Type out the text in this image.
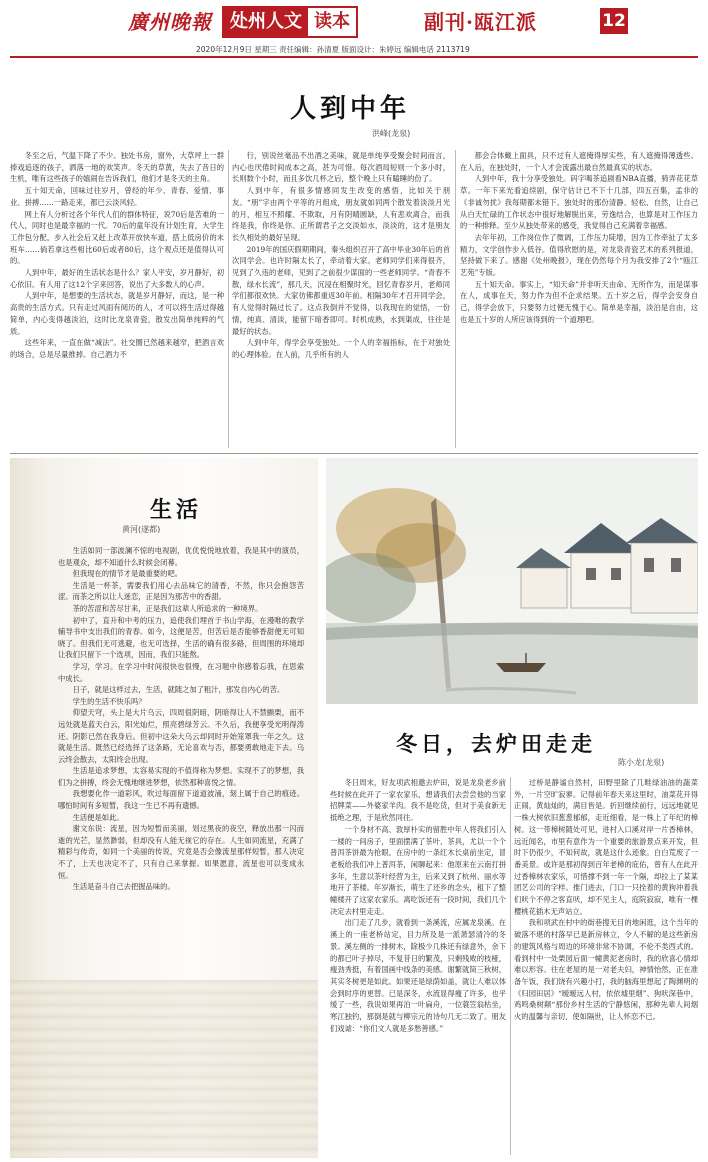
廣州晚報	处州人文 读本	副刊·瓯江派	12
2020年12月9日 星期三 责任编辑：孙清夏 版面设计：朱婷远 编辑电话 2113719
人到中年
洪峰(龙泉)

冬至之后，气温下降了不少。独处书房，窗外，大草坪上一群捧戏追逐的孩子，洒落一地的欢笑声。冬天的草黄，失去了昔日的生机，唯有这些孩子的嬉闹在告诉我们，他们才是冬天的主角。

五十知天命，回味过往岁月，曾经的年少、青春、爱情、事业、拼搏……一路走来，都已云淡风轻。

网上有人分析过各个年代人们的群体特征，说70后是苦难的一代人，同时也是最幸福的一代。70后的童年没有计划生育，大学生工作包分配，步入社会后又赶上改革开放快车道，搭上低房价的末班车……倘若拿这些相比60后或者80后，这个观点还是值得认可的。

人到中年，最好的生活状态是什么？家人平安，岁月静好，初心依旧。有人用了这12个字来回答，说出了大多数人的心声。

人到中年，是想要的生活状态，就是岁月静好，而这，是一种高贵的生活方式。只有走过风雨有阅历的人，才可以将生活过得越简单，内心变得越淡泊，这时比龙泉青瓷，散发出简单纯粹的气质。

这些年来，一直在做“减法”。社交圈已然越来越窄，把酒言欢的场合，总是尽量推掉。自己酒力不

行，别说丝毫品不出酒之美味，就是单纯享受聚会时间而言，内心也厌倦时间成本之高，甚为可惜。每次酒局短则一个多小时，长则数个小时，而且多饮几杯之后，整个晚上只有瞌睡的份了。

人到中年，有很多情感同发生改变的感悟，比如关于朋友。“朋”字由两个平等的月组成，朋友就如同两个散发着淡淡月光的月，相互不照耀、不欺取，月有阴晴圆缺，人有悲欢离合，而我终是我，你终是你。正所谓君子之交淡如水，淡淡的，这才是朋友长久相处的最好呈现。

2019年的国庆假期期间，秦头组织召开了高中毕业30年后的首次同学会。也许时隔太长了，牵动着大家。老师同学们来得很齐，见到了久违的老师，见到了之前很少谋面的一些老师同学。“青春不散，绿水长流”，那几天，沉浸在相聚时光，回忆青春岁月，老师同学们都很欢快。大家彷佛都重返30年前。相隔30年才召开同学会，有人觉得时隔过长了。这点我倒并不觉得，以我现在的觉悟，一份情，纯真、清淡，能留下暗香即可。时机成熟，水到渠成，往往是最好的状态。

人到中年，得学会享受独处。一个人的幸福指标，在于对独处的心理体验。在人前，几乎所有的人

都会合体戴上面具，只不过有人遮掩得厚实些，有人遮掩得薄透些。在人后，在独处时，一个人才会流露出最自然最真实的状态。

人到中年，我十分享受独处。码字喝茶追剧看NBA直播，骑弄花花草草。一年下来光看追续剧，保守估计已不下十几部，四五百集，孟非的《非诚勿扰》我每期都未错下。独处时的那份清静、轻松、自然，让自己从白天忙碌的工作状态中很好地解脱出来，劳逸结合，也算是对工作压力的一种排释。至少从独处带来的感受，我觉得自己充满着幸福感。

去年年初，工作岗位作了微调，工作压力陡增，因为工作牵扯了太多精力，文学创作步入低谷。值得欣慰的是，对龙泉青瓷艺术的系列报道，坚持做下来了。感谢《处州晚报》，现在仍然每个月为我安排了2个“瓯江艺苑”专版。

五十知天命。事实上，“知天命”并非听天由命、无所作为，而是谋事在人，成事在天，努力作为但不企求结果。五十岁之后，得学会安身自己，得学会放下，只要努力过便无愧于心。简单是幸福，淡泊是自由，这也是五十岁的人所应该得到的一个道理吧。

生活
黄河(遂都)

生活如同一部波澜不惊的电视剧，优优悦悦地放着，我是其中的演员，也是观众，却不知道什么时候会闭幕。

但我现在的情节才是最重要的吧。

生活是一杯茶，需要我们用心去品味它的清香，不然，你只会抱怨苦涩。而茶之所以让人迷恋，正是因为那苦中的香甜。

茶的苦涩和苦尽甘来，正是我们这辈人所追求的一种境界。

初中了，直升和中考的压力，追使我们埋首于书山学海，在漫唯的教学辅导书中支出我们的青春。如今，这便是苦，但苦后是否能够香甜便无可知晓了。但我们无可逃避，也无可选择，生活的确有很多路，但周围的环境却让我们只留下一个选项，因而，我们只能熬。

学习，学习。在学习中时间很快也很慢，在习题中你感着忘我，在思索中成长。

日子，就是这样过去，生活，就随之加了粗汁，那发自内心的苦。

学生的生活不快乐吗？

仰望天穹，头上是大片乌云，四周很阴暗，阴暗得让人不禁颤栗，而不远处就是蓝天白云，阳光灿烂，照亮碧绿芳云。不久后，我便享受光明得涛还。阴影已然在我身后。但初中这朵大乌云却同时开始笼罩我一年之久。这就是生活。既然已经选择了这条路，无论喜欢与否，都要勇敢地走下去。乌云终会散去，太阳终会出现。

生活是追求梦想，太容易实现的不值得称为梦想。实现不了的梦想，我们为之拼搏，终会无愧地继进梦想，依然那种喜悦之情。

我想要化作一道彩风，吹过每面留下道道波涌，刻上属于自己的痕迹。哪怕时间有多短暂，我这一生已不再有遗憾。

生活便是如此。

谢文东说：流星，因为短暂而美丽，划过黑夜的夜空，释放出那一闪而逝的光芒，显然渺弱，但却没有人能无视它的存在。人生如同流星，充满了精彩与传奇，如同一个美丽的传说，究竟是否会像流星那样短暂，那人决定不了，上天也决定不了，只有自己来掌握。如果愿意，流星也可以变成永恒。

生活是奋斗自己去把握品味的。

冬日，去炉田走走
陈小龙(龙泉)

冬日周末，好友项武相邀去炉田，说是龙泉老乡前些时候在此开了一家农家乐，想请我们去尝尝他的当家招牌菜——外婆家羊肉。我不是吃货，但对于美食新无抵绝之理，于是欣然同往。

一个身材不高、敦厚朴实的留胜中年人将我们引入一楼的一间房子，里面摆满了茶叶、茶具，尤以一个个普洱茶饼最为抢眼。在房中的一条红木长桌前坐定，冒老板给我们冲上普洱茶，闲聊起来：他原来在云南打拼多年，生意以茶叶经营为主，后来又到了杭州、丽水等地开了茶楼。年岁渐长，萌生了还乡的念头，租下了整幢楼开了这家农家乐。离吃饭还有一段时间，我们几个决定去村里走走。

出门走了几步，就看到一条溪流，应属龙泉溪。在溪上的一座老桥站定，目力所及是一派萧瑟清冷的冬景。溪左侧的一排树木，除极少几株还有绿意外，余下的都已叶子掉尽，不复昔日的繁茂，只剩残败的枝桠，瘦劲秀挺，有着国画中线条的美感。谢繁就简三秋树，其实冬树更是如此。如果还是绿荫如盖，就让人难以体会到时序的更替。已是深冬，水流显得瘦了许多，也平缓了一些，我说如果再泊一叶扁舟，一位蓑笠翁枯坐，寒江独钓，那倒是就与柳宗元的诗句几无二致了。朋友们戏谑：“你们文人就是多愁善感。”

过桥是静谧自然村，田野里除了几畦绿油油的蔬菜外，一片空旷寂寥。记得前年春天来这里时，油菜花开得正闹，黄灿灿的，满目皆是。折回继续前行，远远地就见一株大树依旧葱葱郁郁，走近细看，是一株上了年纪的樟树。这一带樟树随处可见，进村入口溪对岸一片香樟林，远近闻名，市里有意作为一个重要的旅游景点来开发，但时下仍很少，不知何故，就是这什么迹象。白白荒废了一番美景。或许是那初得到百年老樟的庇佑，曾有人在此开过香樟林农家乐，可惜撑不到一年一个隔，却拉上了某某团艺公司的字样。推门进去，门口一只拴着的黄狗冲着我们吠个不停之客直吠，却不见主人，庭院寂寂，唯有一棵樱桃花插木无声站立。

我和项武在村中的街巷搜无目的地闲逛，这个当年的破落不堪的村落早已是新房林立，令人不解的是这些新房的建筑风格与周边的环境非常不协调，不伦不类西式的。看到村中一处栗园后面一幢黄泥老房时，我的欣喜心情却难以形容。往在老屋的是一对老夫妇，神情怡然，正在准备午饭，我们饶有兴趣小打，我的脑海里想起了陶渊明的《归园田居》“暧暧远人村，依依墟里烟”、狗吠深巷中，鸡鸣桑树颠“那份乡村生活的宁静悠闲，那种先辈人间烟火的温馨与亲切，使如隔世，让人怀恋不已。
